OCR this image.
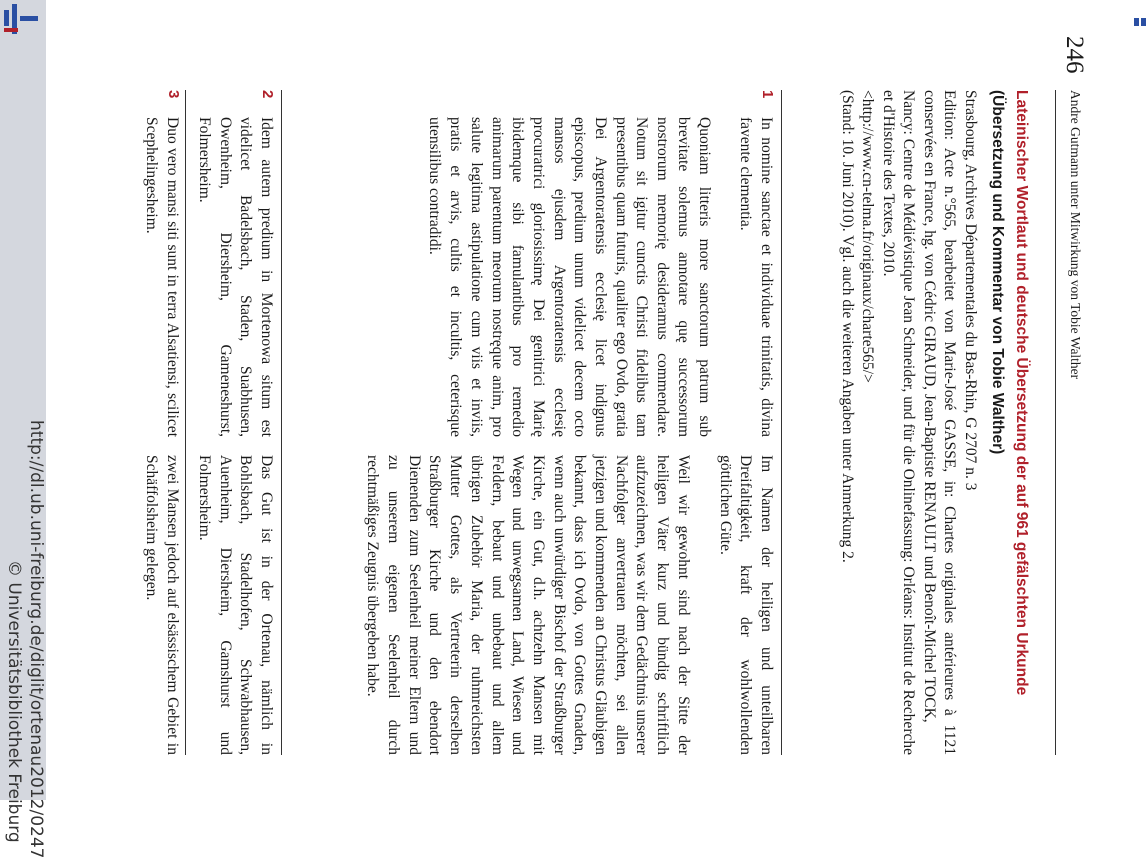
http://dl.ub.uni-freiburg.de/diglit/ortenau2012/0247
© Universitätsbibliothek Freiburg
246
Andre Gutmann unter Mitwirkung von Tobie Walther
Lateinischer Wortlaut und deutsche Übersetzung der auf 961 gefälschten Urkunde
(Übersetzung und Kommentar von Tobie Walther)
Strasbourg, Archives Départementales du Bas-Rhin, G 2707 n. 3
Edition: Acte n.°565, bearbeitet von Marie-José GASSE, in: Chartes originales antérieures à 1121 conservées en France, hg. von Cédric GIRAUD, Jean-Baptiste RENAULT und Benoît-Michel TOCK,
Nancy: Centre de Médiévistique Jean Schneider, und für die Onlinefassung: Orléans: Institut de Recherche et d'Histoire des Textes, 2010.
<http://www.cn-telma.fr/originaux/charte565/>
(Stand: 10. Juni 2010). Vgl. auch die weiteren Angaben unter Anmerkung 2.
1
In nomine sanctae et individuae trinitatis, divina favente clementia.
Quoniam litteris more sanctorum patrum sub brevitate solemus annotare quę successorum nostrorum memorię desideramus commendare. Notum sit igitur cunctis Christi fidelibus tam presentibus quam futuris, qualiter ego Ovdo, gratia Dei Argentoratensis ecclesię licet indignus episcopus, predium unum videlicet decem octo mansos ejusdem Argentoratensis ecclesię procuratrici gloriosissimę Dei genitrici Marię ibidemque sibi famulantibus pro remedio animarum parentum meorum nostręque anim, pro salute legitima astipulatione cum viis et inviis, pratis et arvis, cultis et incultis, ceterisque utensilibus contradidi.
Im Namen der heiligen und unteilbaren Dreifaltigkeit, kraft der wohlwollenden göttlichen Güte.
Weil wir gewohnt sind nach der Sitte der heiligen Väter kurz und bündig schriftlich aufzuzeichnen, was wir dem Gedächtnis unserer Nachfolger anvertrauen möchten, sei allen jetzigen und kommenden an Christus Gläubigen bekannt, dass ich Ovdo, von Gottes Gnaden, wenn auch unwürdiger Bischof der Straßburger Kirche, ein Gut, d.h. achtzehn Mansen mit Wegen und unwegsamen Land, Wiesen und Feldern, bebaut und unbebaut und allem übrigen Zubehör Maria, der ruhmreichsten Mutter Gottes, als Vertreterin derselben Straßburger Kirche und den ebendort Dienenden zum Seelenheil meiner Eltern und zu unserem eigenen Seelenheil durch rechtmäßiges Zeugnis übergeben habe.
2
Idem autem predium in Mortenowa situm est videlicet Badelsbach, Staden, Suabhusen, Owenheim, Diersheim, Gameneshurst, Folmersheim.
Das Gut ist in der Ortenau, nämlich in Bohlsbach, Stadelhofen, Schwabhausen, Auenheim, Diersheim, Gamshurst und Folmersheim.
3
Duo vero mansi siti sunt in terra Alsatiensi, scilicet Scephelingesheim.
zwei Mansen jedoch auf elsässischem Gebiet in Schäffolsheim gelegen.
